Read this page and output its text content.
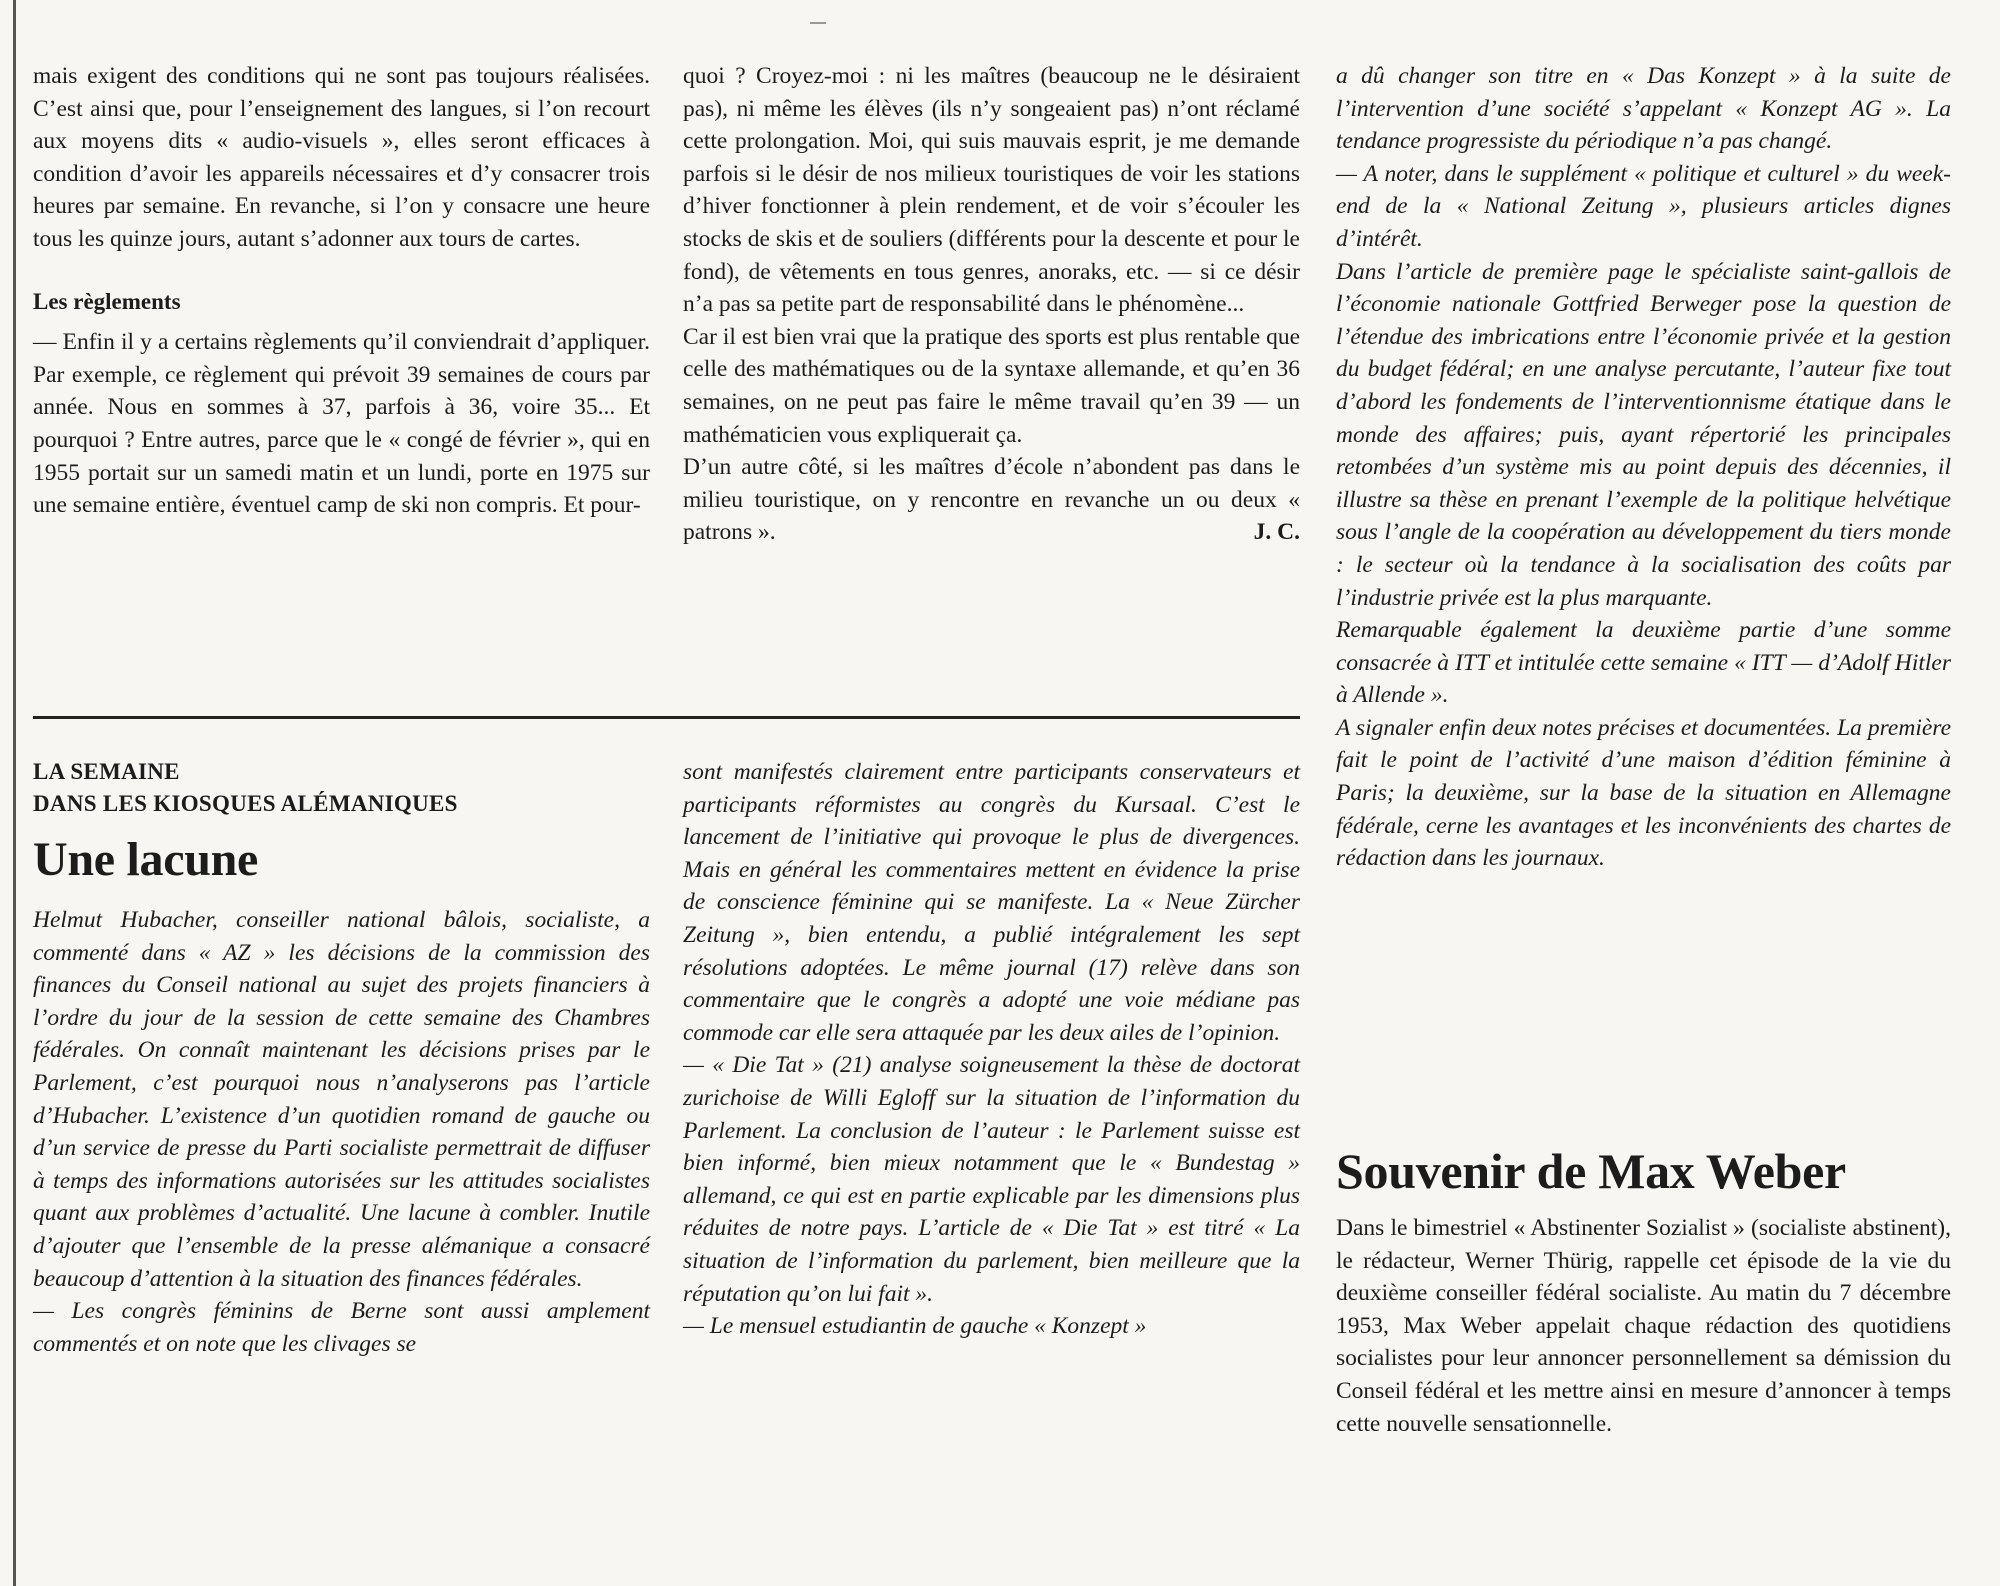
mais exigent des conditions qui ne sont pas toujours réalisées. C’est ainsi que, pour l’enseignement des langues, si l’on recourt aux moyens dits « audio-visuels », elles seront efficaces à condition d’avoir les appareils nécessaires et d’y consacrer trois heures par semaine. En revanche, si l’on y consacre une heure tous les quinze jours, autant s’adonner aux tours de cartes.

Les règlements

— Enfin il y a certains règlements qu’il conviendrait d’appliquer. Par exemple, ce règlement qui prévoit 39 semaines de cours par année. Nous en sommes à 37, parfois à 36, voire 35... Et pourquoi ? Entre autres, parce que le « congé de février », qui en 1955 portait sur un samedi matin et un lundi, porte en 1975 sur une semaine entière, éventuel camp de ski non compris. Et pour-

quoi ? Croyez-moi : ni les maîtres (beaucoup ne le désiraient pas), ni même les élèves (ils n’y songeaient pas) n’ont réclamé cette prolongation. Moi, qui suis mauvais esprit, je me demande parfois si le désir de nos milieux touristiques de voir les stations d’hiver fonctionner à plein rendement, et de voir s’écouler les stocks de skis et de souliers (différents pour la descente et pour le fond), de vêtements en tous genres, anoraks, etc. — si ce désir n’a pas sa petite part de responsabilité dans le phénomène...

Car il est bien vrai que la pratique des sports est plus rentable que celle des mathématiques ou de la syntaxe allemande, et qu’en 36 semaines, on ne peut pas faire le même travail qu’en 39 — un mathématicien vous expliquerait ça.

D’un autre côté, si les maîtres d’école n’abondent pas dans le milieu touristique, on y rencontre en revanche un ou deux « patrons ».	J. C.

LA SEMAINE
DANS LES KIOSQUES ALÉMANIQUES

Une lacune

Helmut Hubacher, conseiller national bâlois, socialiste, a commenté dans « AZ » les décisions de la commission des finances du Conseil national au sujet des projets financiers à l’ordre du jour de la session de cette semaine des Chambres fédérales. On connaît maintenant les décisions prises par le Parlement, c’est pourquoi nous n’analyserons pas l’article d’Hubacher. L’existence d’un quotidien romand de gauche ou d’un service de presse du Parti socialiste permettrait de diffuser à temps des informations autorisées sur les attitudes socialistes quant aux problèmes d’actualité. Une lacune à combler. Inutile d’ajouter que l’ensemble de la presse alémanique a consacré beaucoup d’attention à la situation des finances fédérales.

— Les congrès féminins de Berne sont aussi amplement commentés et on note que les clivages se

sont manifestés clairement entre participants conservateurs et participants réformistes au congrès du Kursaal. C’est le lancement de l’initiative qui provoque le plus de divergences. Mais en général les commentaires mettent en évidence la prise de conscience féminine qui se manifeste. La « Neue Zürcher Zeitung », bien entendu, a publié intégralement les sept résolutions adoptées. Le même journal (17) relève dans son commentaire que le congrès a adopté une voie médiane pas commode car elle sera attaquée par les deux ailes de l’opinion.

— « Die Tat » (21) analyse soigneusement la thèse de doctorat zurichoise de Willi Egloff sur la situation de l’information du Parlement. La conclusion de l’auteur : le Parlement suisse est bien informé, bien mieux notamment que le « Bundestag » allemand, ce qui est en partie explicable par les dimensions plus réduites de notre pays. L’article de « Die Tat » est titré « La situation de l’information du parlement, bien meilleure que la réputation qu’on lui fait ».

— Le mensuel estudiantin de gauche « Konzept »

a dû changer son titre en « Das Konzept » à la suite de l’intervention d’une société s’appelant « Konzept AG ». La tendance progressiste du périodique n’a pas changé.

— A noter, dans le supplément « politique et culturel » du week-end de la « National Zeitung », plusieurs articles dignes d’intérêt.

Dans l’article de première page le spécialiste saint-gallois de l’économie nationale Gottfried Berweger pose la question de l’étendue des imbrications entre l’économie privée et la gestion du budget fédéral; en une analyse percutante, l’auteur fixe tout d’abord les fondements de l’interventionnisme étatique dans le monde des affaires; puis, ayant répertorié les principales retombées d’un système mis au point depuis des décennies, il illustre sa thèse en prenant l’exemple de la politique helvétique sous l’angle de la coopération au développement du tiers monde : le secteur où la tendance à la socialisation des coûts par l’industrie privée est la plus marquante.

Remarquable également la deuxième partie d’une somme consacrée à ITT et intitulée cette semaine « ITT — d’Adolf Hitler à Allende ».

A signaler enfin deux notes précises et documentées. La première fait le point de l’activité d’une maison d’édition féminine à Paris; la deuxième, sur la base de la situation en Allemagne fédérale, cerne les avantages et les inconvénients des chartes de rédaction dans les journaux.

Souvenir de Max Weber

Dans le bimestriel « Abstinenter Sozialist » (socialiste abstinent), le rédacteur, Werner Thürig, rappelle cet épisode de la vie du deuxième conseiller fédéral socialiste. Au matin du 7 décembre 1953, Max Weber appelait chaque rédaction des quotidiens socialistes pour leur annoncer personnellement sa démission du Conseil fédéral et les mettre ainsi en mesure d’annoncer à temps cette nouvelle sensationnelle.
